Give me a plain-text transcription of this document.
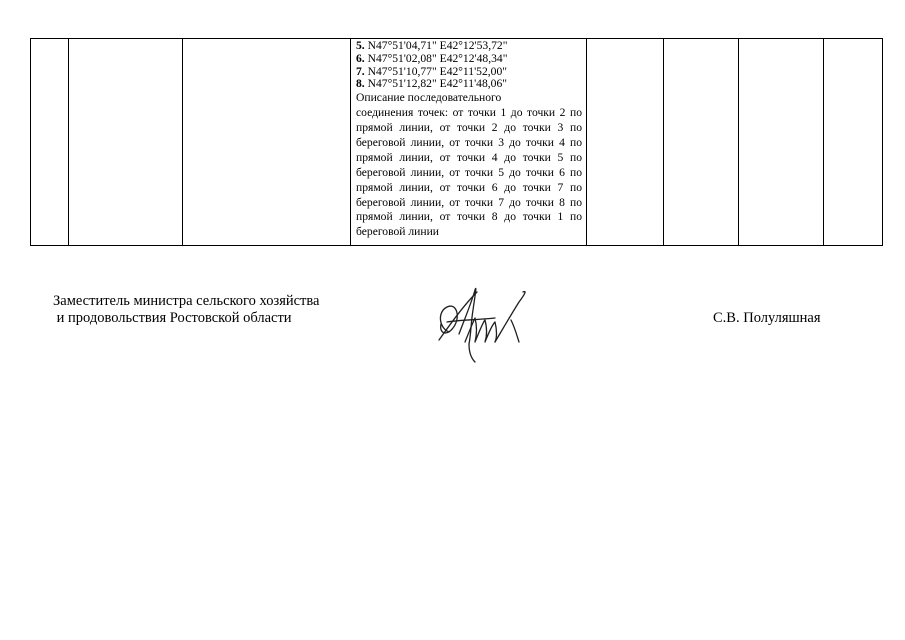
5. N47°51'04,71" E42°12'53,72"
6. N47°51'02,08" E42°12'48,34"
7. N47°51'10,77" E42°11'52,00"
8. N47°51'12,82" E42°11'48,06"

Описание последовательного
соединения точек: от точки 1 до точки 2 по прямой линии, от точки 2 до точки 3 по береговой линии, от точки 3 до точки 4 по прямой линии, от точки 4 до точки 5 по береговой линии, от точки 5 до точки 6 по прямой линии, от точки 6 до точки 7 по береговой линии, от точки 7 до точки 8 по прямой линии, от точки 8 до точки 1 по береговой линии

Заместитель министра сельского хозяйства
и продовольствия Ростовской области	С.В. Полуляшная
